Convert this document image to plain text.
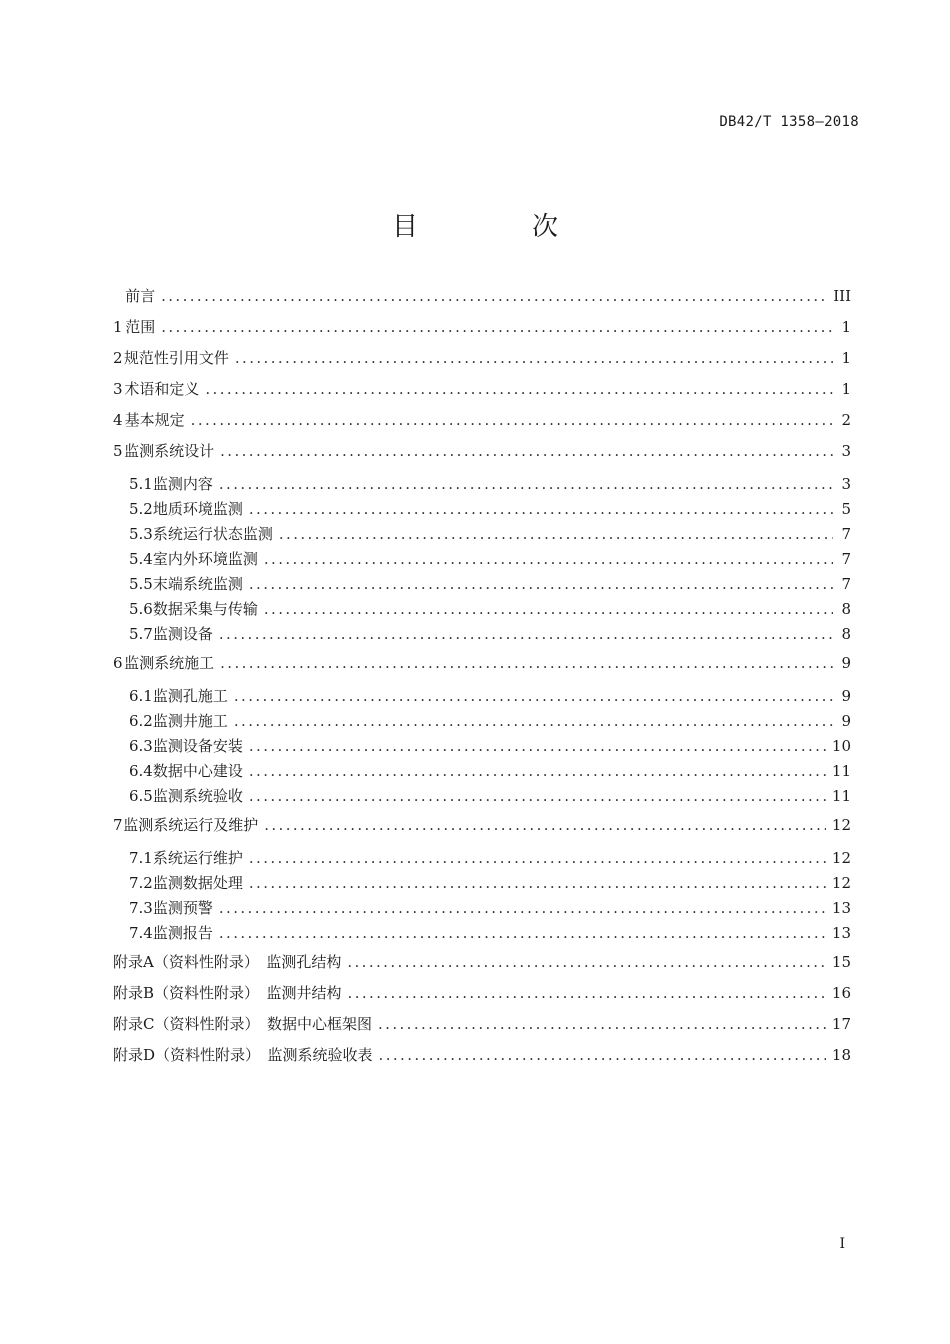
DB42/T 1358—2018
目　次
前言 .....	III
1 范围 .....	1
2 规范性引用文件 .....	1
3 术语和定义 .....	1
4 基本规定 .....	2
5 监测系统设计 .....	3
5.1 监测内容 .....	3
5.2 地质环境监测 .....	5
5.3 系统运行状态监测 .....	7
5.4 室内外环境监测 .....	7
5.5 末端系统监测 .....	7
5.6 数据采集与传输 .....	8
5.7 监测设备 .....	8
6 监测系统施工 .....	9
6.1 监测孔施工 .....	9
6.2 监测井施工 .....	9
6.3 监测设备安装 .....	10
6.4 数据中心建设 .....	11
6.5 监测系统验收 .....	11
7 监测系统运行及维护 .....	12
7.1 系统运行维护 .....	12
7.2 监测数据处理 .....	12
7.3 监测预警 .....	13
7.4 监测报告 .....	13
附录A（资料性附录）　监测孔结构 .....	15
附录B（资料性附录）　监测井结构 .....	16
附录C（资料性附录）　数据中心框架图 .....	17
附录D（资料性附录）　监测系统验收表 .....	18
I
